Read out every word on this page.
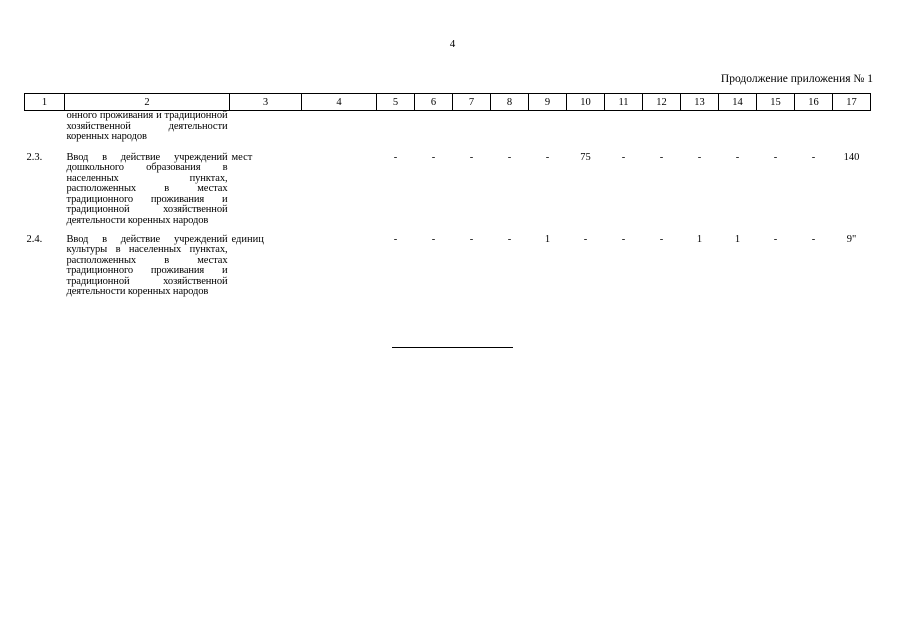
4
Продолжение приложения № 1
1	2	3	4	5	6	7	8	9	10	11	12	13	14	15	16	17
	онного проживания и традиционной хозяйственной деятельности коренных народов															
2.3.	Ввод в действие учреждений дошкольного образования в населенных пунктах, расположенных в местах традиционного проживания и традиционной хозяйственной деятельности коренных народов	мест		-	-	-	-	-	75	-	-	-	-	-	-	140
2.4.	Ввод в действие учреждений культуры в населенных пунктах, расположенных в местах традиционного проживания и традиционной хозяйственной деятельности коренных народов	единиц		-	-	-	-	1	-	-	-	1	1	-	-	9"
